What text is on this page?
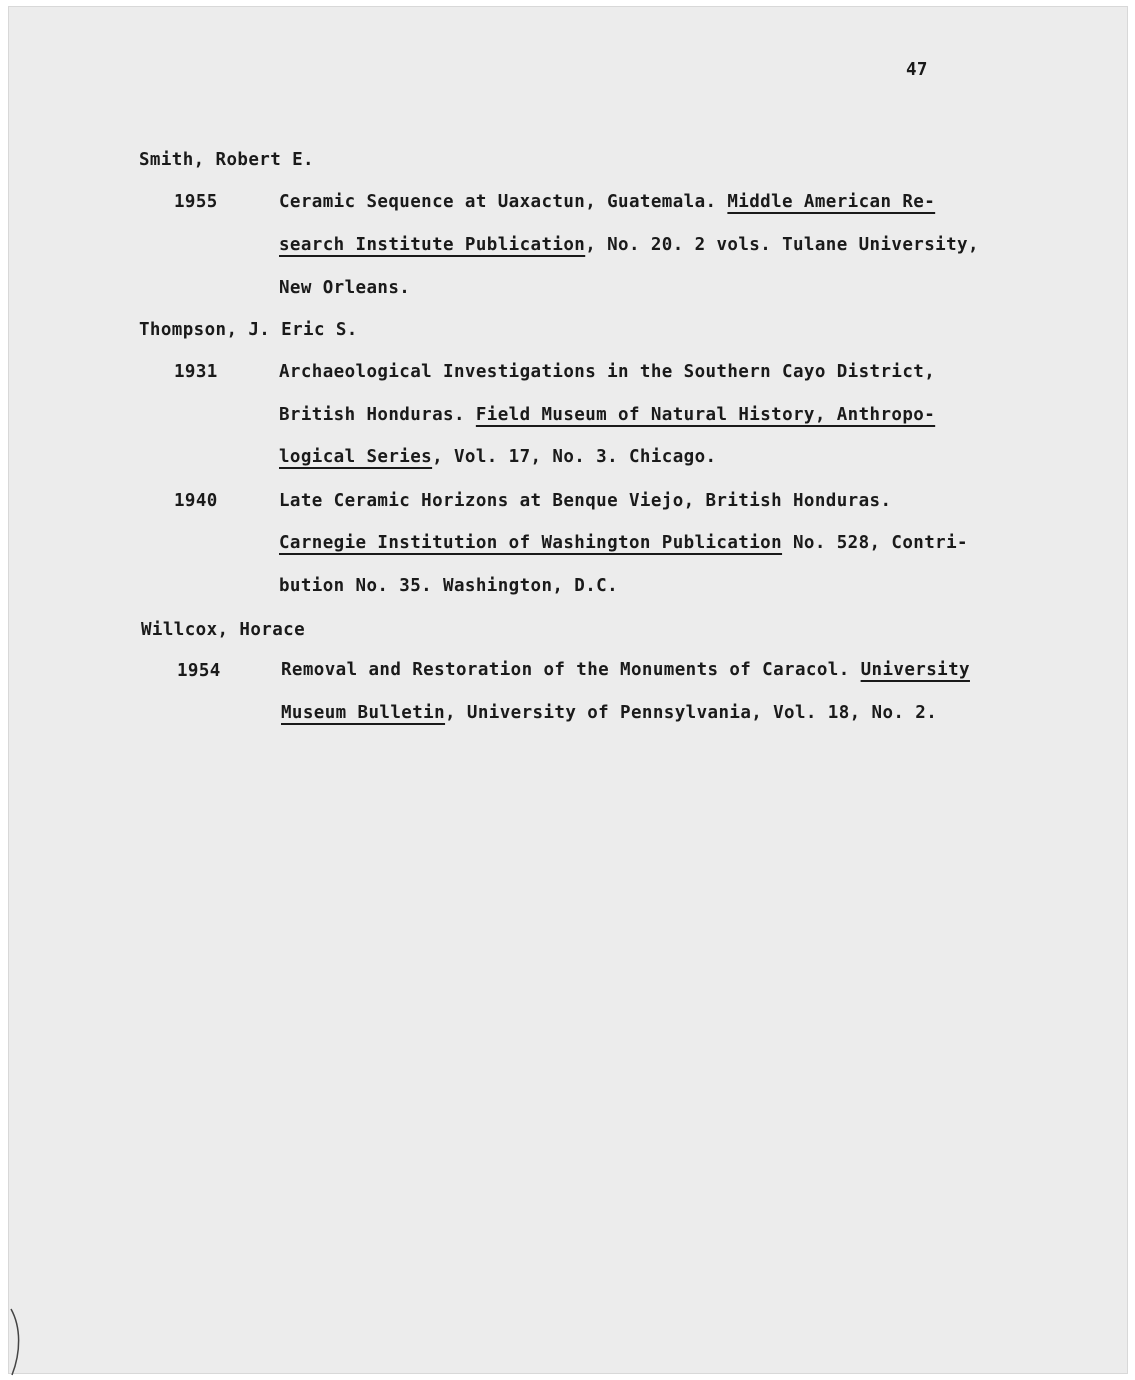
47
Smith, Robert E.
1955	Ceramic Sequence at Uaxactun, Guatemala. Middle American Re-
search Institute Publication, No. 20. 2 vols. Tulane University,
New Orleans.
Thompson, J. Eric S.
1931	Archaeological Investigations in the Southern Cayo District,
British Honduras. Field Museum of Natural History, Anthropo-
logical Series, Vol. 17, No. 3. Chicago.
1940	Late Ceramic Horizons at Benque Viejo, British Honduras.
Carnegie Institution of Washington Publication No. 528, Contri-
bution No. 35. Washington, D.C.
Willcox, Horace
1954	Removal and Restoration of the Monuments of Caracol. University
Museum Bulletin, University of Pennsylvania, Vol. 18, No. 2.
